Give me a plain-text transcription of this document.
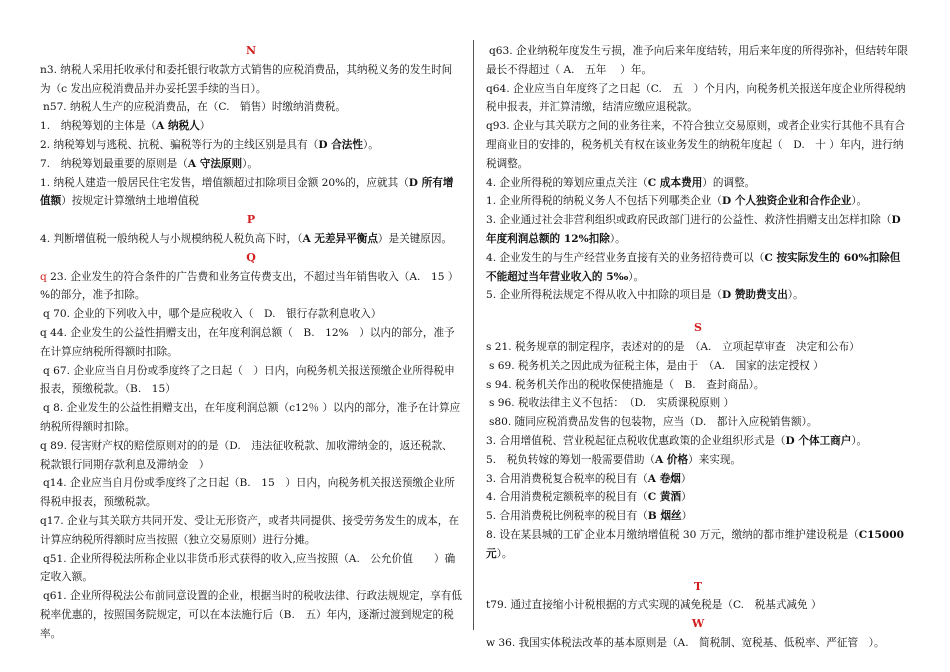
N

n3. 纳税人采用托收承付和委托银行收款方式销售的应税消费品，其纳税义务的发生时间为（c 发出应税消费品并办妥托罢手续的当日）。

n57. 纳税人生产的应税消费品，在（C.　销售）时缴纳消费税。

1.　纳税筹划的主体是（A 纳税人）

2. 纳税筹划与逃税、抗税、骗税等行为的主线区别是具有（D 合法性）。

7.　纳税筹划最重要的原则是（A 守法原则）。

1. 纳税人建造一般居民住宅发售，增值额超过扣除项目金额 20%的，应就其（D 所有增值额）按规定计算缴纳土地增值税

P

4. 判断增值税一般纳税人与小规模纳税人税负高下时，（A 无差异平衡点）是关键原因。

Q

q 23. 企业发生的符合条件的广告费和业务宣传费支出，不超过当年销售收入（A.　15 ）%的部分，准予扣除。

q 70. 企业的下列收入中，哪个是应税收入（　D.　银行存款利息收入）

q 44. 企业发生的公益性捐赠支出，在年度利润总额（　B.　12%　）以内的部分，准予在计算应纳税所得额时扣除。

q 67. 企业应当自月份或季度终了之日起（　）日内，向税务机关报送预缴企业所得税申报表，预缴税款。（B.　15）

q 8. 企业发生的公益性捐赠支出，在年度利润总额（c12％ ）以内的部分，准予在计算应纳税所得额时扣除。

q 89. 侵害财产权的赔偿原则对的的是（D.　违法征收税款、加收滞纳金的，返还税款、税款银行同期存款利息及滞纳金　）

q14. 企业应当自月份或季度终了之日起（B.　15　）日内，向税务机关报送预缴企业所得税申报表，预缴税款。

q17. 企业与其关联方共同开发、受让无形资产，或者共同提供、接受劳务发生的成本，在计算应纳税所得额时应当按照（独立交易原则）进行分摊。

q51. 企业所得税法所称企业以非货币形式获得的收入,应当按照（A.　公允价值　　）确定收入额。

q61. 企业所得税法公布前同意设置的企业，根据当时的税收法律、行政法规规定，享有低税率优惠的，按照国务院规定，可以在本法施行后（B.　五）年内，逐渐过渡到规定的税率。

q63. 企业纳税年度发生亏损，准予向后来年度结转，用后来年度的所得弥补，但结转年限最长不得超过（ A.　五年　 ）年。

q64. 企业应当自年度终了之日起（C.　五　）个月内，向税务机关报送年度企业所得税纳税申报表，并汇算清缴，结清应缴应退税款。

q93. 企业与其关联方之间的业务往来，不符合独立交易原则，或者企业实行其他不具有合理商业目的安排的，税务机关有权在该业务发生的纳税年度起（　D.　十 ）年内，进行纳税调整。

4. 企业所得税的筹划应重点关注（C 成本费用）的调整。

1. 企业所得税的纳税义务人不包括下列哪类企业（D 个人独资企业和合作企业）。

3. 企业通过社会非营利组织或政府民政部门进行的公益性、救济性捐赠支出怎样扣除（D 年度利润总额的 12%扣除）。

4. 企业发生的与生产经营业务直接有关的业务招待费可以（C 按实际发生的 60%扣除但不能超过当年营业收入的 5‰）。

5. 企业所得税法规定不得从收入中扣除的项目是（D 赞助费支出）。

S

s 21. 税务规章的制定程序，表述对的的是　（A.　立项起草审查　决定和公布）

s 69. 税务机关之因此成为征税主体，是由于　（A.　国家的法定授权 ）

s 94. 税务机关作出的税收保使措施是（　B.　查封商品）。

s 96. 税收法律主义不包括：　（D.　实质课税原则 ）

s80. 随同应税消费品发售的包装物，应当（D.　都计入应税销售额）。

3. 合用增值税、营业税起征点税收优惠政策的企业组织形式是（D 个体工商户）。

5.　税负转嫁的筹划一般需要借助（A 价格）来实现。

3. 合用消费税复合税率的税目有（A 卷烟）

4. 合用消费税定额税率的税目有（C 黄酒）

5. 合用消费税比例税率的税目有（B 烟丝）

8. 设在某县城的工矿企业本月缴纳增值税 30 万元，缴纳的都市维护建设税是（C15000 元）。

T

t79. 通过直接缩小计税根据的方式实现的减免税是（C.　税基式减免 ）

W

w 36. 我国实体税法改革的基本原则是（A.　简税制、宽税基、低税率、严征管　）。
